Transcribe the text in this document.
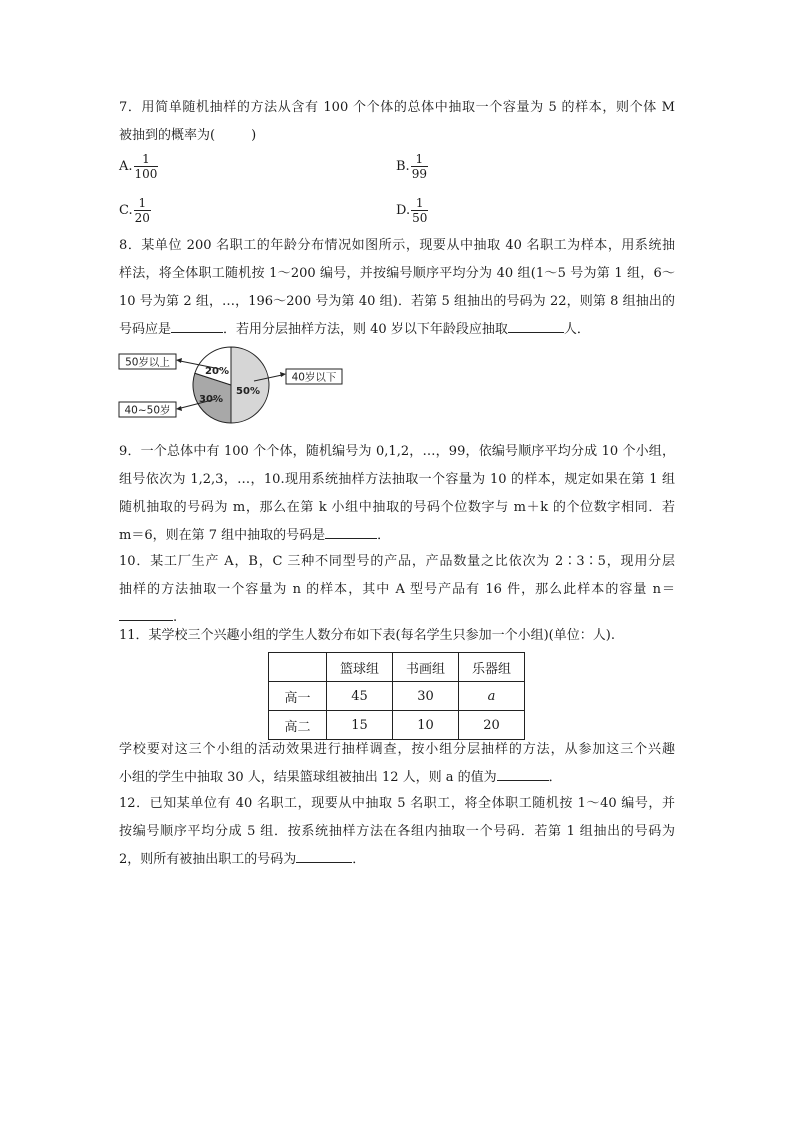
7．用简单随机抽样的方法从含有 100 个个体的总体中抽取一个容量为 5 的样本，则个体 M
被抽到的概率为(	)
A. $\frac{1}{100}$	B. $\frac{1}{99}$
C. $\frac{1}{20}$	D. $\frac{1}{50}$
8．某单位 200 名职工的年龄分布情况如图所示，现要从中抽取 40 名职工为样本，用系统抽
样法，将全体职工随机按 1～200 编号，并按编号顺序平均分为 40 组(1～5 号为第 1 组，6～
10 号为第 2 组，…，196～200 号为第 40 组)．若第 5 组抽出的号码为 22，则第 8 组抽出的
号码应是	．若用分层抽样方法，则 40 岁以下年龄段应抽取	人．
50岁以上
40~50岁
40岁以下
20%
30%
50%
9．一个总体中有 100 个个体，随机编号为 0,1,2，…，99，依编号顺序平均分成 10 个小组，
组号依次为 1,2,3，…，10.现用系统抽样方法抽取一个容量为 10 的样本，规定如果在第 1 组
随机抽取的号码为 m，那么在第 k 小组中抽取的号码个位数字与 m＋k 的个位数字相同．若
m＝6，则在第 7 组中抽取的号码是	．
10．某工厂生产 A，B，C 三种不同型号的产品，产品数量之比依次为 2∶3∶5，现用分层
抽样的方法抽取一个容量为 n 的样本，其中 A 型号产品有 16 件，那么此样本的容量 n＝
.
11．某学校三个兴趣小组的学生人数分布如下表(每名学生只参加一个小组)(单位：人).
	篮球组	书画组	乐器组
高一	45	30	a
高二	15	10	20
学校要对这三个小组的活动效果进行抽样调查，按小组分层抽样的方法，从参加这三个兴趣
小组的学生中抽取 30 人，结果篮球组被抽出 12 人，则 a 的值为	．
12．已知某单位有 40 名职工，现要从中抽取 5 名职工，将全体职工随机按 1～40 编号，并
按编号顺序平均分成 5 组．按系统抽样方法在各组内抽取一个号码．若第 1 组抽出的号码为
2，则所有被抽出职工的号码为	．
